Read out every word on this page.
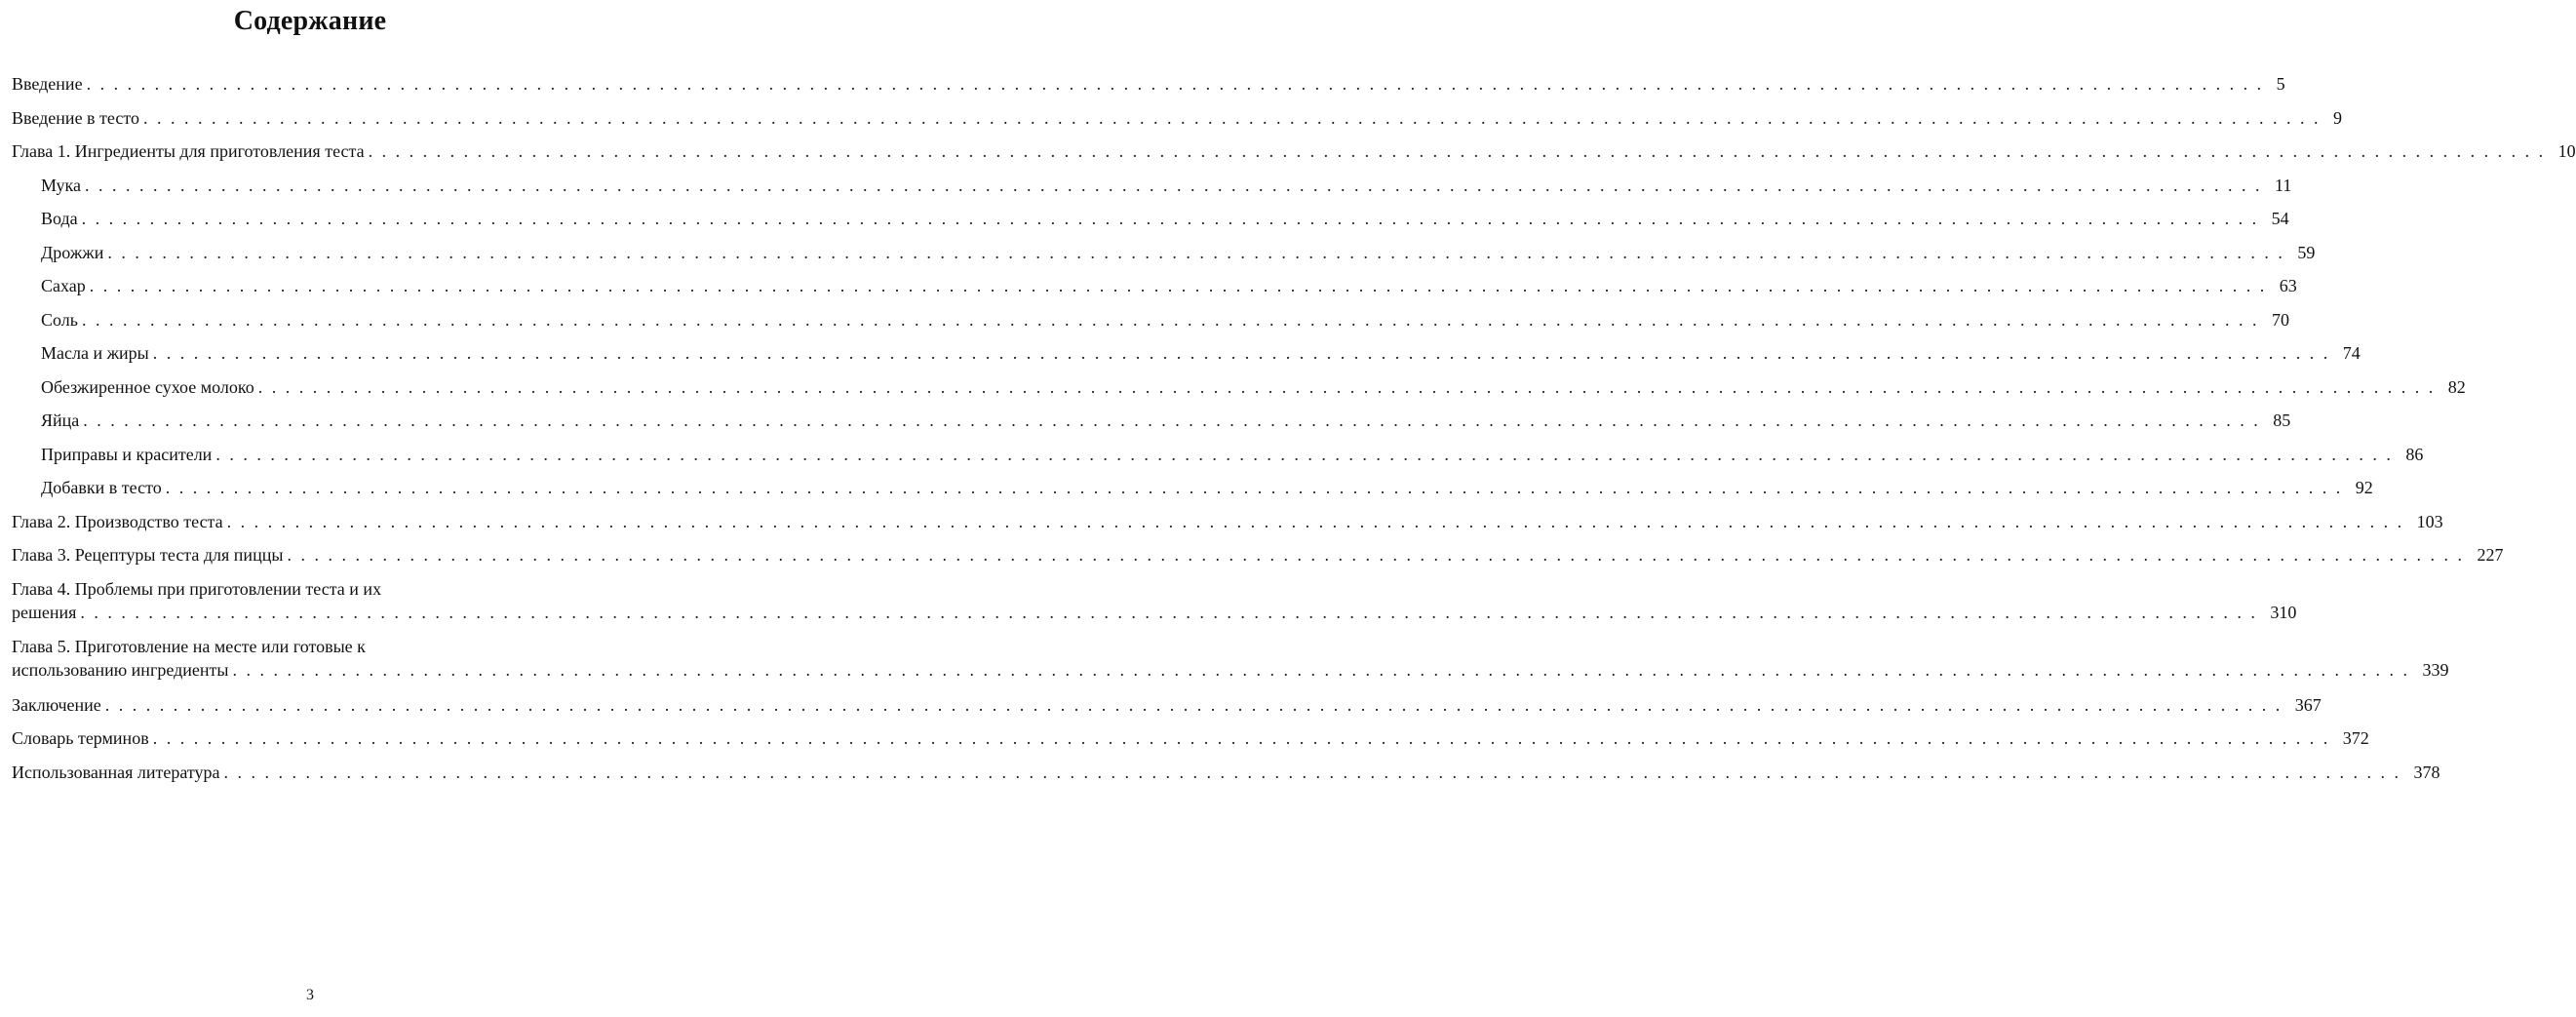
Содержание
Введение ................................................................................................................................................................ 5
Введение в тесто ................................................................................................................................................................ 9
Глава 1. Ингредиенты для приготовления теста ................................................................................................................................................................ 10
Мука ................................................................................................................................................................ 11
Вода ................................................................................................................................................................ 54
Дрожжи ................................................................................................................................................................ 59
Сахар ................................................................................................................................................................ 63
Соль ................................................................................................................................................................ 70
Масла и жиры ................................................................................................................................................................ 74
Обезжиренное сухое молоко ................................................................................................................................................................ 82
Яйца ................................................................................................................................................................ 85
Приправы и красители ................................................................................................................................................................ 86
Добавки в тесто ................................................................................................................................................................ 92
Глава 2. Производство теста ................................................................................................................................................................ 103
Глава 3. Рецептуры теста для пиццы ................................................................................................................................................................ 227
Глава 4. Проблемы при приготовлении теста и их
решения ................................................................................................................................................................ 310
Глава 5. Приготовление на месте или готовые к
использованию ингредиенты ................................................................................................................................................................ 339
Заключение ................................................................................................................................................................ 367
Словарь терминов ................................................................................................................................................................ 372
Использованная литература ................................................................................................................................................................ 378
3
